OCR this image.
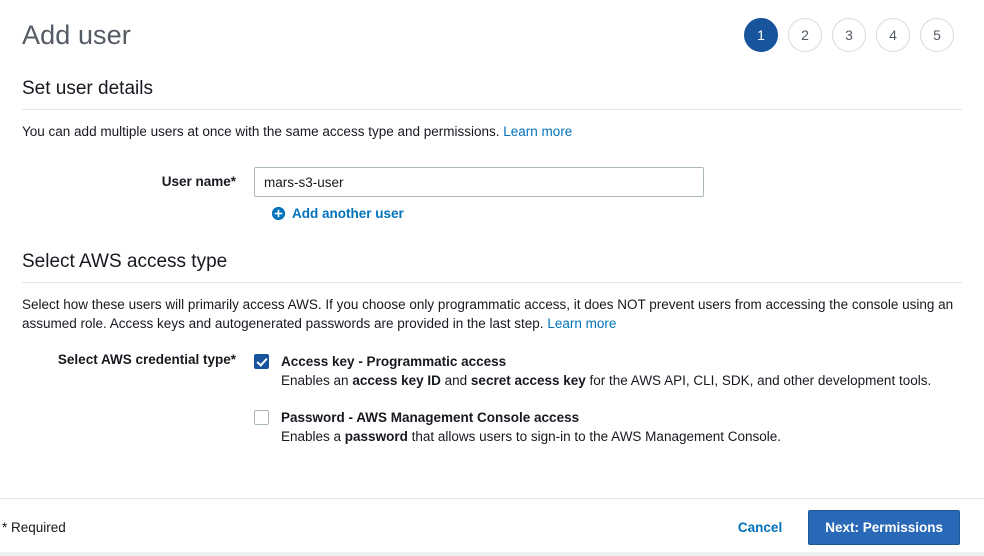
Add user	1	2	3	4	5
Set user details
You can add multiple users at once with the same access type and permissions. Learn more
User name*
mars-s3-user
Add another user
Select AWS access type
Select how these users will primarily access AWS. If you choose only programmatic access, it does NOT prevent users from accessing the console using an assumed role. Access keys and autogenerated passwords are provided in the last step. Learn more
Select AWS credential type*	Access key - Programmatic access
Enables an access key ID and secret access key for the AWS API, CLI, SDK, and other development tools.
Password - AWS Management Console access
Enables a password that allows users to sign-in to the AWS Management Console.
* Required	Cancel	Next: Permissions
